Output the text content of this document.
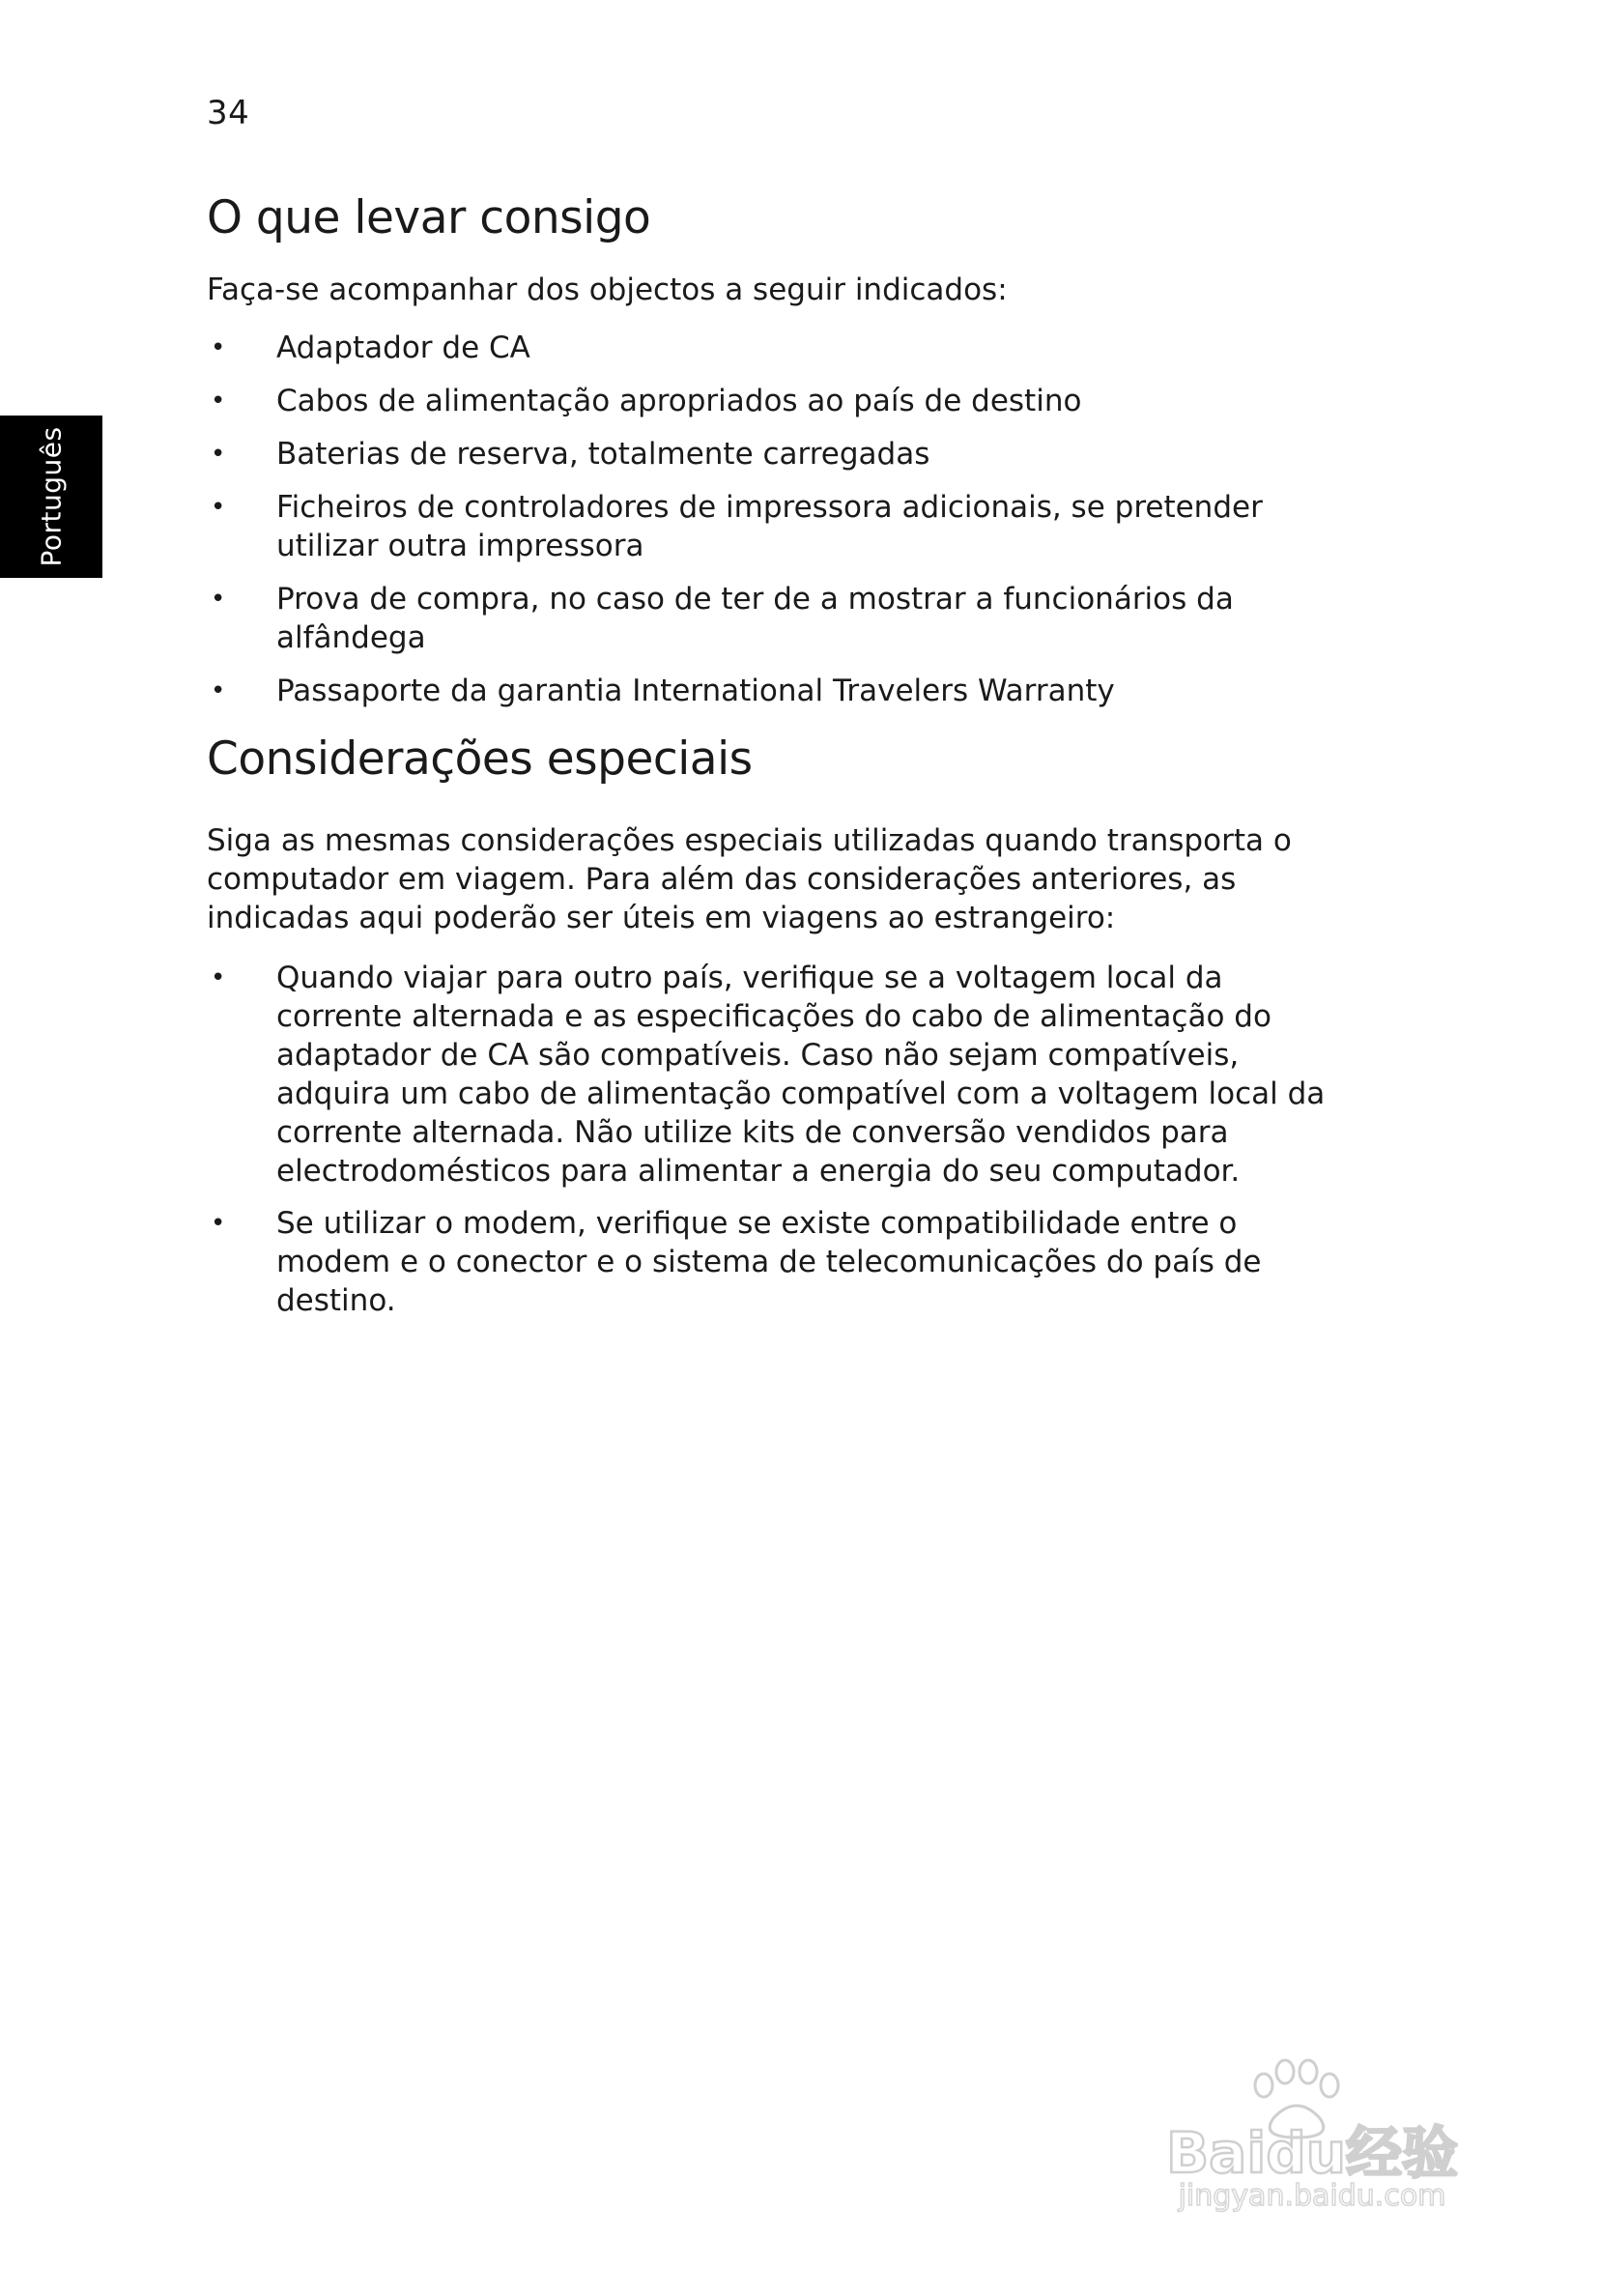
34
Português
O que levar consigo

Faça-se acompanhar dos objectos a seguir indicados:

• Adaptador de CA
• Cabos de alimentação apropriados ao país de destino
• Baterias de reserva, totalmente carregadas
• Ficheiros de controladores de impressora adicionais, se pretender utilizar outra impressora
• Prova de compra, no caso de ter de a mostrar a funcionários da alfândega
• Passaporte da garantia International Travelers Warranty
Considerações especiais

Siga as mesmas considerações especiais utilizadas quando transporta o computador em viagem. Para além das considerações anteriores, as indicadas aqui poderão ser úteis em viagens ao estrangeiro:

• Quando viajar para outro país, verifique se a voltagem local da corrente alternada e as especificações do cabo de alimentação do adaptador de CA são compatíveis. Caso não sejam compatíveis, adquira um cabo de alimentação compatível com a voltagem local da corrente alternada. Não utilize kits de conversão vendidos para electrodomésticos para alimentar a energia do seu computador.
• Se utilizar o modem, verifique se existe compatibilidade entre o modem e o conector e o sistema de telecomunicações do país de destino.
Baidu经验
jingyan.baidu.com
